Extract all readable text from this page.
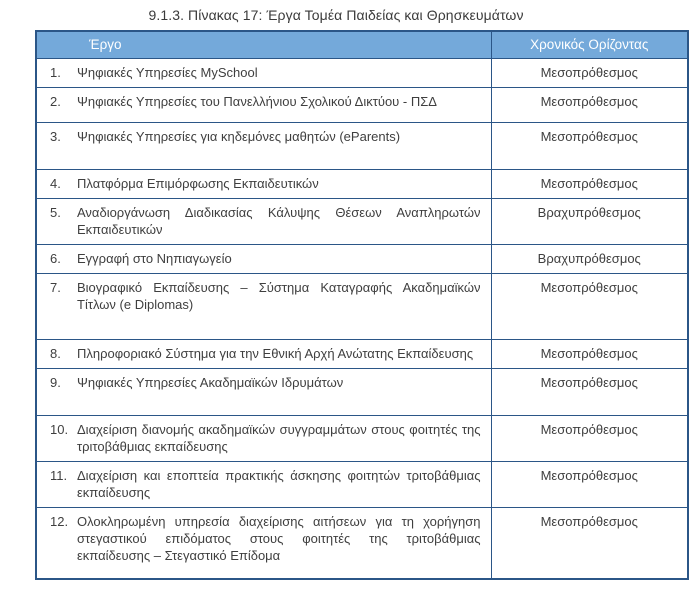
9.1.3. Πίνακας 17: Έργα Τομέα Παιδείας και Θρησκευμάτων
Έργο	Χρονικός Ορίζοντας

1. Ψηφιακές Υπηρεσίες MySchool	Μεσοπρόθεσμος

2. Ψηφιακές Υπηρεσίες του Πανελλήνιου Σχολικού Δικτύου - ΠΣΔ	Μεσοπρόθεσμος

3. Ψηφιακές Υπηρεσίες για κηδεμόνες μαθητών (eParents)	Μεσοπρόθεσμος

4. Πλατφόρμα Επιμόρφωσης Εκπαιδευτικών	Μεσοπρόθεσμος

5. Αναδιοργάνωση Διαδικασίας Κάλυψης Θέσεων Αναπληρωτών Εκπαιδευτικών	Βραχυπρόθεσμος

6. Εγγραφή στο Νηπιαγωγείο	Βραχυπρόθεσμος

7. Βιογραφικό Εκπαίδευσης – Σύστημα Καταγραφής Ακαδημαϊκών Τίτλων (e Diplomas)	Μεσοπρόθεσμος

8. Πληροφοριακό Σύστημα για την Εθνική Αρχή Ανώτατης Εκπαίδευσης	Μεσοπρόθεσμος

9. Ψηφιακές Υπηρεσίες Ακαδημαϊκών Ιδρυμάτων	Μεσοπρόθεσμος

10. Διαχείριση διανομής ακαδημαϊκών συγγραμμάτων στους φοιτητές της τριτοβάθμιας εκπαίδευσης	Μεσοπρόθεσμος

11. Διαχείριση και εποπτεία πρακτικής άσκησης φοιτητών τριτοβάθμιας εκπαίδευσης	Μεσοπρόθεσμος

12. Ολοκληρωμένη υπηρεσία διαχείρισης αιτήσεων για τη χορήγηση στεγαστικού επιδόματος στους φοιτητές της τριτοβάθμιας εκπαίδευσης – Στεγαστικό Επίδομα	Μεσοπρόθεσμος
